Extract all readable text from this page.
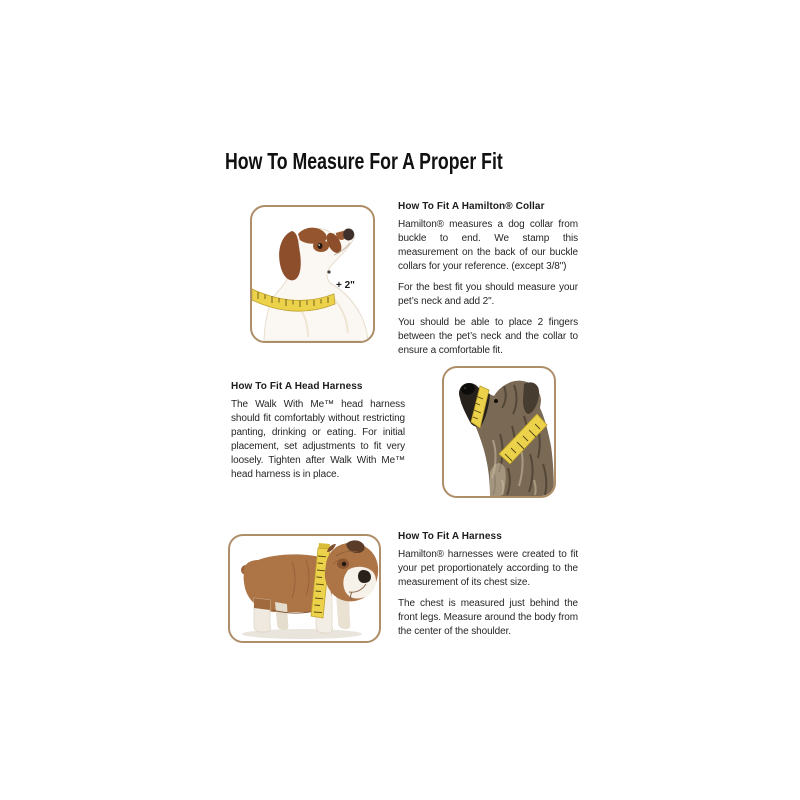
How To Measure For A Proper Fit
+ 2"
How To Fit A Hamilton® Collar

Hamilton® measures a dog collar from buckle to end. We stamp this measurement on the back of our buckle collars for your reference. (except 3/8")

For the best fit you should measure your pet’s neck and add 2".

You should be able to place 2 fingers between the pet’s neck and the collar to ensure a comfortable fit.

How To Fit A Head Harness

The Walk With Me™ head harness should fit comfortably without restricting panting, drinking or eating. For initial placement, set adjustments to fit very loosely. Tighten after Walk With Me™ head harness is in place.

How To Fit A Harness

Hamilton® harnesses were created to fit your pet proportionately according to the measurement of its chest size.

The chest is measured just behind the front legs. Measure around the body from the center of the shoulder.
